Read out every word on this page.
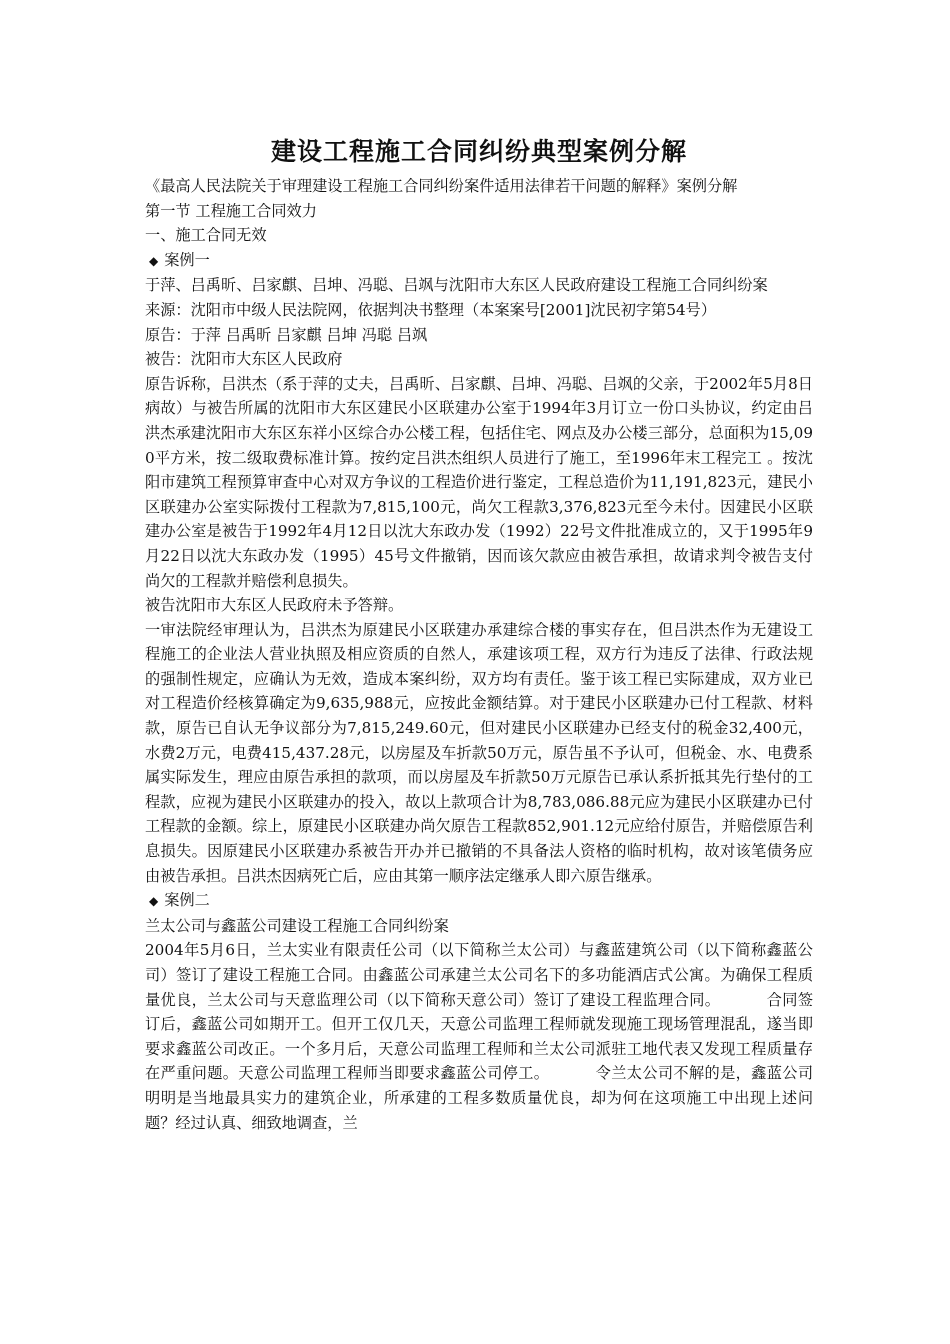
建设工程施工合同纠纷典型案例分解

《最高人民法院关于审理建设工程施工合同纠纷案件适用法律若干问题的解释》案例分解

第一节 工程施工合同效力

一、施工合同无效

◆ 案例一

于萍、吕禹昕、吕家麒、吕坤、冯聪、吕飒与沈阳市大东区人民政府建设工程施工合同纠纷案

来源：沈阳市中级人民法院网，依据判决书整理（本案案号[2001]沈民初字第54号）

原告：于萍 吕禹昕 吕家麒 吕坤 冯聪 吕飒

被告：沈阳市大东区人民政府

原告诉称，吕洪杰（系于萍的丈夫，吕禹昕、吕家麒、吕坤、冯聪、吕飒的父亲，于2002年5月8日病故）与被告所属的沈阳市大东区建民小区联建办公室于1994年3月订立一份口头协议，约定由吕洪杰承建沈阳市大东区东祥小区综合办公楼工程，包括住宅、网点及办公楼三部分，总面积为15,090平方米，按二级取费标准计算。按约定吕洪杰组织人员进行了施工，至1996年末工程完工 。按沈阳市建筑工程预算审查中心对双方争议的工程造价进行鉴定，工程总造价为11,191,823元，建民小区联建办公室实际拨付工程款为7,815,100元，尚欠工程款3,376,823元至今未付。因建民小区联建办公室是被告于1992年4月12日以沈大东政办发（1992）22号文件批准成立的，又于1995年9月22日以沈大东政办发（1995）45号文件撤销，因而该欠款应由被告承担，故请求判令被告支付尚欠的工程款并赔偿利息损失。

被告沈阳市大东区人民政府未予答辩。

一审法院经审理认为，吕洪杰为原建民小区联建办承建综合楼的事实存在，但吕洪杰作为无建设工程施工的企业法人营业执照及相应资质的自然人，承建该项工程，双方行为违反了法律、行政法规的强制性规定，应确认为无效，造成本案纠纷，双方均有责任。鉴于该工程已实际建成，双方业已对工程造价经核算确定为9,635,988元，应按此金额结算。对于建民小区联建办已付工程款、材料款，原告已自认无争议部分为7,815,249.60元，但对建民小区联建办已经支付的税金32,400元，水费2万元，电费415,437.28元，以房屋及车折款50万元，原告虽不予认可，但税金、水、电费系属实际发生，理应由原告承担的款项，而以房屋及车折款50万元原告已承认系折抵其先行垫付的工程款，应视为建民小区联建办的投入，故以上款项合计为8,783,086.88元应为建民小区联建办已付工程款的金额。综上，原建民小区联建办尚欠原告工程款852,901.12元应给付原告，并赔偿原告利息损失。因原建民小区联建办系被告开办并已撤销的不具备法人资格的临时机构，故对该笔债务应由被告承担。吕洪杰因病死亡后，应由其第一顺序法定继承人即六原告继承。

◆ 案例二

兰太公司与鑫蓝公司建设工程施工合同纠纷案

2004年5月6日，兰太实业有限责任公司（以下简称兰太公司）与鑫蓝建筑公司（以下简称鑫蓝公司）签订了建设工程施工合同。由鑫蓝公司承建兰太公司名下的多功能酒店式公寓。为确保工程质量优良，兰太公司与天意监理公司（以下简称天意公司）签订了建设工程监理合同。	合同签订后，鑫蓝公司如期开工。但开工仅几天，天意公司监理工程师就发现施工现场管理混乱，遂当即要求鑫蓝公司改正。一个多月后，天意公司监理工程师和兰太公司派驻工地代表又发现工程质量存在严重问题。天意公司监理工程师当即要求鑫蓝公司停工。	令兰太公司不解的是，鑫蓝公司明明是当地最具实力的建筑企业，所承建的工程多数质量优良，却为何在这项施工中出现上述问题？经过认真、细致地调查，兰
